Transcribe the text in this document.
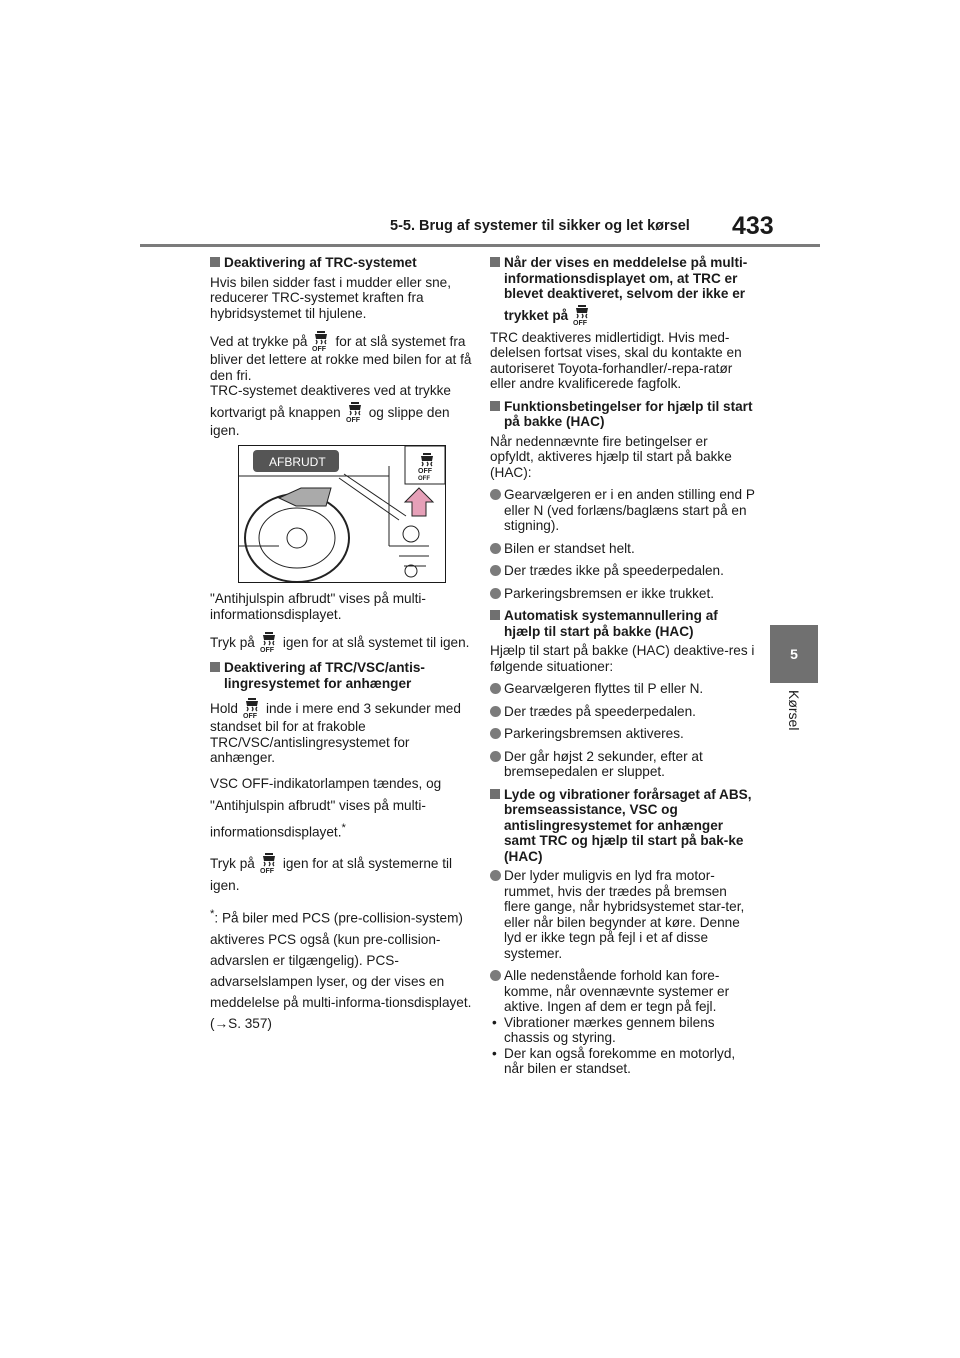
5-5. Brug af systemer til sikker og let kørsel 433
5
Kørsel
Deaktivering af TRC-systemet

Hvis bilen sidder fast i mudder eller sne, reducerer TRC-systemet kraften fra hybridsystemet til hjulene.

Ved at trykke på for at slå systemet fra bliver det lettere at rokke med bilen for at få den fri.
TRC-systemet deaktiveres ved at trykke kortvarigt på knappen og slippe den igen.

AFBRUDT
OFF

"Antihjulspin afbrudt" vises på multi-informationsdisplayet.

Tryk på igen for at slå systemet til igen.

Deaktivering af TRC/VSC/antis-lingresystemet for anhænger

Hold inde i mere end 3 sekunder med standset bil for at frakoble TRC/VSC/antislingresystemet for anhænger.

VSC OFF-indikatorlampen tændes, og "Antihjulspin afbrudt" vises på multi-informationsdisplayet.*

Tryk på igen for at slå systemerne til igen.

*: På biler med PCS (pre-collision-system) aktiveres PCS også (kun pre-collision-advarslen er tilgængelig). PCS-advarselslampen lyser, og der vises en meddelelse på multi-informa-tionsdisplayet. (→S. 357)

Når der vises en meddelelse på multi-informationsdisplayet om, at TRC er blevet deaktiveret, selvom der ikke er trykket på

TRC deaktiveres midlertidigt. Hvis med-delelsen fortsat vises, skal du kontakte en autoriseret Toyota-forhandler/-repa-ratør eller andre kvalificerede fagfolk.

Funktionsbetingelser for hjælp til start på bakke (HAC)

Når nedennævnte fire betingelser er opfyldt, aktiveres hjælp til start på bakke (HAC):

Gearvælgeren er i en anden stilling end P eller N (ved forlæns/baglæns start på en stigning).
Bilen er standset helt.
Der trædes ikke på speederpedalen.
Parkeringsbremsen er ikke trukket.
Automatisk systemannullering af hjælp til start på bakke (HAC)

Hjælp til start på bakke (HAC) deaktive-res i følgende situationer:

Gearvælgeren flyttes til P eller N.
Der trædes på speederpedalen.
Parkeringsbremsen aktiveres.
Der går højst 2 sekunder, efter at bremsepedalen er sluppet.
Lyde og vibrationer forårsaget af ABS, bremseassistance, VSC og antislingresystemet for anhænger samt TRC og hjælp til start på bak-ke (HAC)
Der lyder muligvis en lyd fra motor-rummet, hvis der trædes på bremsen flere gange, når hybridsystemet star-ter, eller når bilen begynder at køre. Denne lyd er ikke tegn på fejl i et af disse systemer.
Alle nedenstående forhold kan fore-komme, når ovennævnte systemer er aktive. Ingen af dem er tegn på fejl.
• Vibrationer mærkes gennem bilens chassis og styring.
• Der kan også forekomme en motorlyd, når bilen er standset.
